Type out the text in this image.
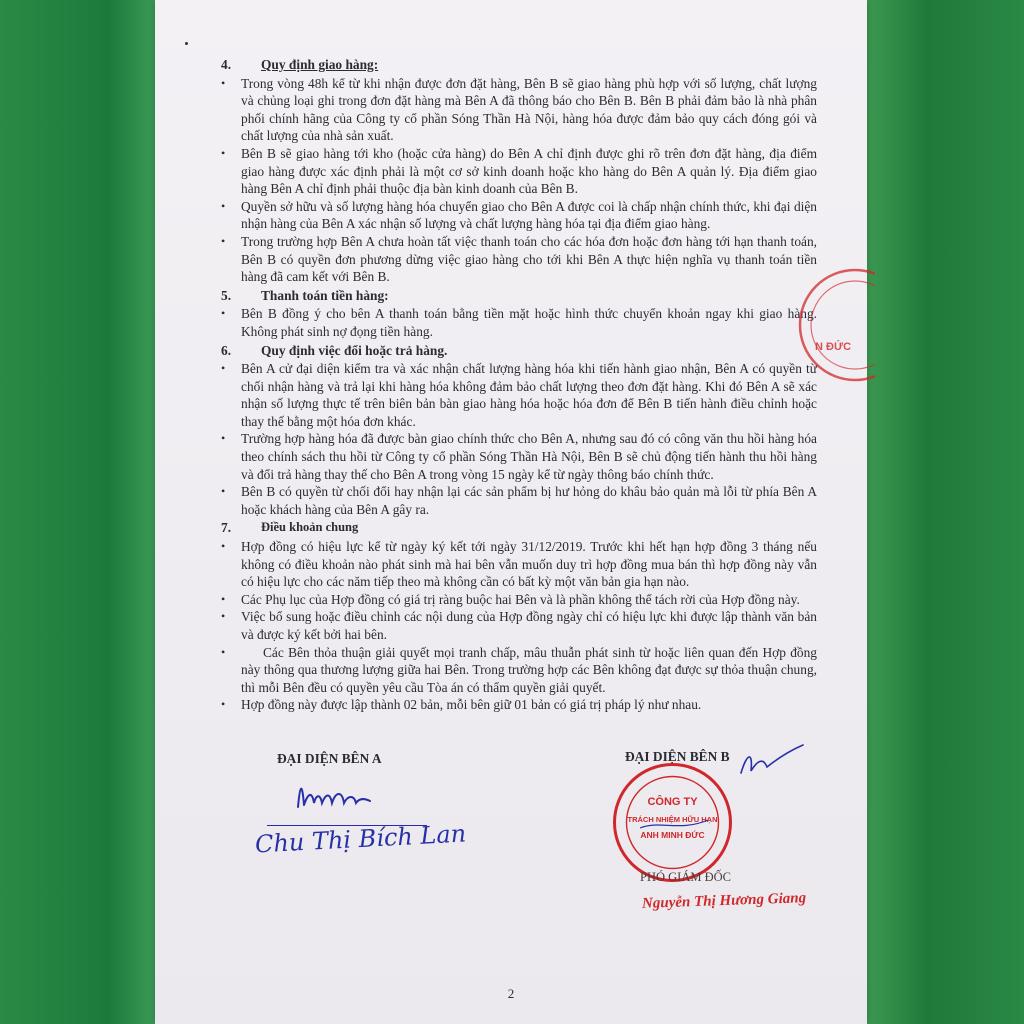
4.	Quy định giao hàng:
• Trong vòng 48h kể từ khi nhận được đơn đặt hàng, Bên B sẽ giao hàng phù hợp với số lượng, chất lượng và chủng loại ghi trong đơn đặt hàng mà Bên A đã thông báo cho Bên B. Bên B phải đảm bảo là nhà phân phối chính hãng của Công ty cổ phần Sóng Thần Hà Nội, hàng hóa được đảm bảo quy cách đóng gói và chất lượng của nhà sản xuất.

• Bên B sẽ giao hàng tới kho (hoặc cửa hàng) do Bên A chỉ định được ghi rõ trên đơn đặt hàng, địa điểm giao hàng được xác định phải là một cơ sở kinh doanh hoặc kho hàng do Bên A quản lý. Địa điểm giao hàng Bên A chỉ định phải thuộc địa bàn kinh doanh của Bên B.

• Quyền sở hữu và số lượng hàng hóa chuyển giao cho Bên A được coi là chấp nhận chính thức, khi đại diện nhận hàng của Bên A xác nhận số lượng và chất lượng hàng hóa tại địa điểm giao hàng.

• Trong trường hợp Bên A chưa hoàn tất việc thanh toán cho các hóa đơn hoặc đơn hàng tới hạn thanh toán, Bên B có quyền đơn phương dừng việc giao hàng cho tới khi Bên A thực hiện nghĩa vụ thanh toán tiền hàng đã cam kết với Bên B.

5.	Thanh toán tiền hàng:
• Bên B đồng ý cho bên A thanh toán bằng tiền mặt hoặc hình thức chuyển khoản ngay khi giao hàng. Không phát sinh nợ đọng tiền hàng.

6.	Quy định việc đổi hoặc trả hàng.
• Bên A cử đại diện kiểm tra và xác nhận chất lượng hàng hóa khi tiến hành giao nhận, Bên A có quyền từ chối nhận hàng và trả lại khi hàng hóa không đảm bảo chất lượng theo đơn đặt hàng. Khi đó Bên A sẽ xác nhận số lượng thực tế trên biên bản bàn giao hàng hóa hoặc hóa đơn để Bên B tiến hành điều chỉnh hoặc thay thế bằng một hóa đơn khác.

• Trường hợp hàng hóa đã được bàn giao chính thức cho Bên A, nhưng sau đó có công văn thu hồi hàng hóa theo chính sách thu hồi từ Công ty cổ phần Sóng Thần Hà Nội, Bên B sẽ chủ động tiến hành thu hồi hàng và đổi trả hàng thay thế cho Bên A trong vòng 15 ngày kể từ ngày thông báo chính thức.

• Bên B có quyền từ chối đổi hay nhận lại các sản phẩm bị hư hỏng do khâu bảo quản mà lỗi từ phía Bên A hoặc khách hàng của Bên A gây ra.

7.	Điều khoản chung
• Hợp đồng có hiệu lực kể từ ngày ký kết tới ngày 31/12/2019. Trước khi hết hạn hợp đồng 3 tháng nếu không có điều khoản nào phát sinh mà hai bên vẫn muốn duy trì hợp đồng mua bán thì hợp đồng này vẫn có hiệu lực cho các năm tiếp theo mà không cần có bất kỳ một văn bản gia hạn nào.

• Các Phụ lục của Hợp đồng có giá trị ràng buộc hai Bên và là phần không thể tách rời của Hợp đồng này.

• Việc bổ sung hoặc điều chỉnh các nội dung của Hợp đồng ngày chỉ có hiệu lực khi được lập thành văn bản và được ký kết bởi hai bên.

•	Các Bên thỏa thuận giải quyết mọi tranh chấp, mâu thuẫn phát sinh từ hoặc liên quan đến Hợp đồng này thông qua thương lượng giữa hai Bên. Trong trường hợp các Bên không đạt được sự thỏa thuận chung, thì mỗi Bên đều có quyền yêu cầu Tòa án có thẩm quyền giải quyết.

• Hợp đồng này được lập thành 02 bản, mỗi bên giữ 01 bản có giá trị pháp lý như nhau.

N ĐỨC
ĐẠI DIỆN BÊN A
Chu Thị Bích Lan
ĐẠI DIỆN BÊN B
CÔNG TY
TRÁCH NHIỆM HỮU HẠN
ANH MINH ĐỨC
PHÓ GIÁM ĐỐC
Nguyễn Thị Hương Giang
2
